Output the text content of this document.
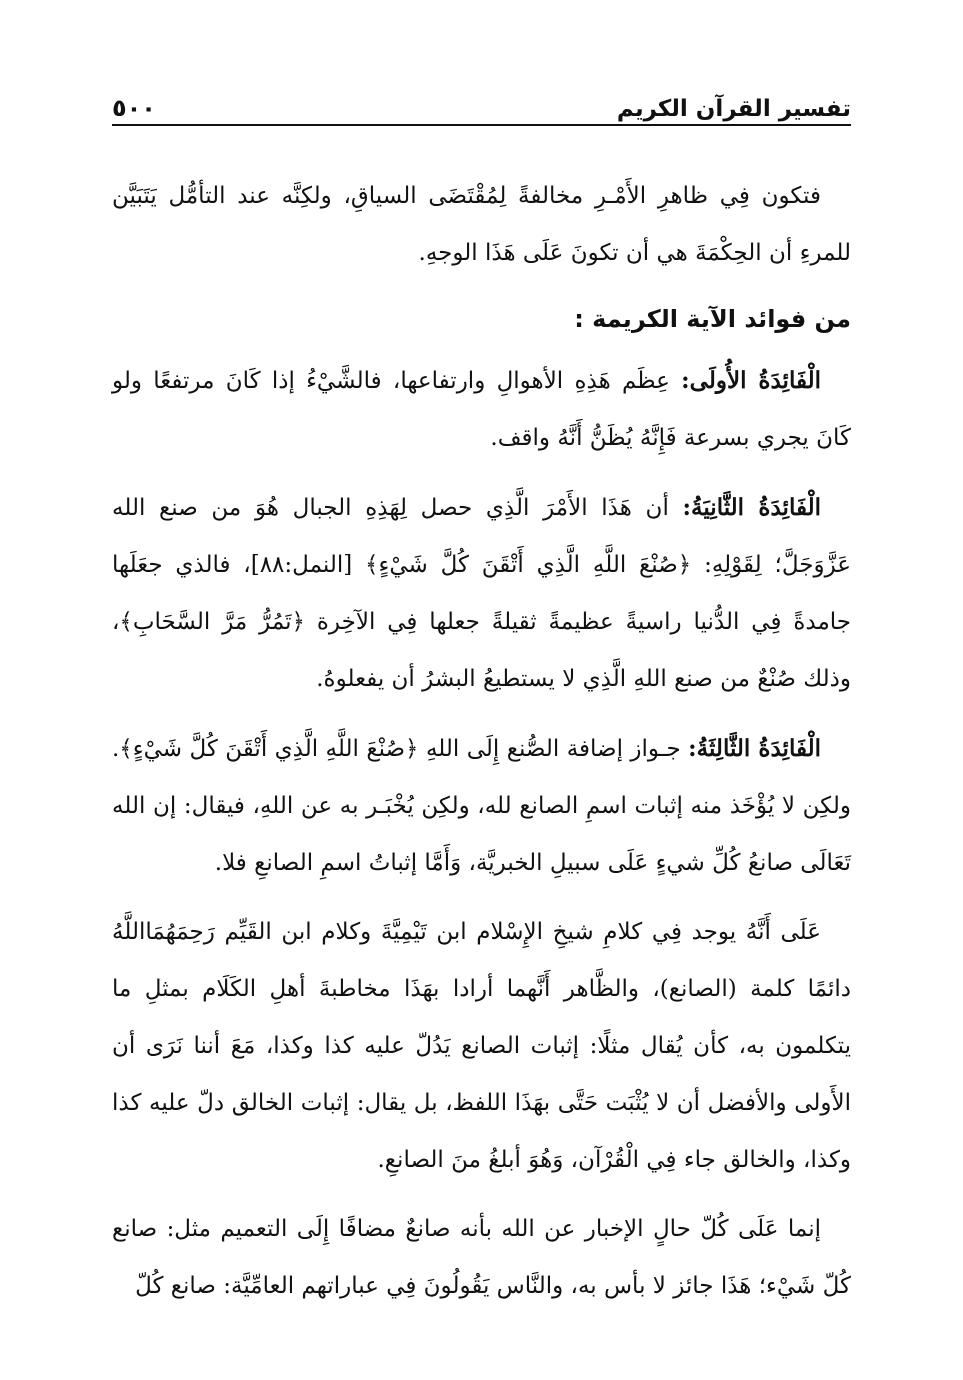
تفسير القرآن الكريم
٥٠٠

فتكون فِي ظاهرِ الأَمْـرِ مخالفةً لِمُقْتَضَى السياقِ، ولكِنَّه عند التأمُّل يَتَبَيَّن للمرءِ أن الحِكْمَةَ هي أن تكونَ عَلَى هَذَا الوجهِ.

من فوائد الآية الكريمة :

الْفَائِدَةُ الأُولَى: عِظَم هَذِهِ الأهوالِ وارتفاعها، فالشَّيْءُ إذا كَانَ مرتفعًا ولو كَانَ يجري بسرعة فَإِنَّهُ يُظَنُّ أَنَّهُ واقف.

الْفَائِدَةُ الثَّانِيَةُ: أن هَذَا الأَمْرَ الَّذِي حصل لِهَذِهِ الجبال هُوَ من صنع الله عَزَّوَجَلَّ؛ لِقَوْلِهِ: ﴿صُنْعَ اللَّهِ الَّذِي أَتْقَنَ كُلَّ شَيْءٍ﴾ [النمل:٨٨]، فالذي جعَلَها جامدةً فِي الدُّنيا راسيةً عظيمةً ثقيلةً جعلها فِي الآخِرة ﴿تَمُرُّ مَرَّ السَّحَابِ﴾، وذلك صُنْعٌ من صنع اللهِ الَّذِي لا يستطيعُ البشرُ أن يفعلوهُ.

الْفَائِدَةُ الثَّالِثَةُ: جـواز إضافة الصُّنع إِلَى اللهِ ﴿صُنْعَ اللَّهِ الَّذِي أَتْقَنَ كُلَّ شَيْءٍ﴾. ولكِن لا يُؤْخَذ منه إثبات اسمِ الصانع لله، ولكِن يُخْبَـر به عن اللهِ، فيقال: إن الله تَعَالَى صانعُ كُلِّ شيءٍ عَلَى سبيلِ الخبريَّة، وَأَمَّا إثباتُ اسمِ الصانعِ فلا.

عَلَى أَنَّهُ يوجد فِي كلامِ شيخِ الإِسْلام ابن تَيْمِيَّةَ وكلام ابن القَيِّم رَحِمَهُمَااللَّهُ دائمًا كلمة (الصانع)، والظَّاهر أَنَّهما أرادا بهَذَا مخاطبةَ أهلِ الكَلَام بمثلِ ما يتكلمون به، كأن يُقال مثلًا: إثبات الصانع يَدُلّ عليه كذا وكذا، مَعَ أننا نَرَى أن الأَولى والأفضل أن لا يُثْبَت حَتَّى بهَذَا اللفظ، بل يقال: إثبات الخالق دلّ عليه كذا وكذا، والخالق جاء فِي الْقُرْآن، وَهُوَ أبلغُ منَ الصانعِ.

إنما عَلَى كُلّ حالٍ الإخبار عن الله بأنه صانعٌ مضافًا إِلَى التعميم مثل: صانع كُلّ شَيْء؛ هَذَا جائز لا بأس به، والنَّاس يَقُولُونَ فِي عباراتهم العامِّيَّة: صانع كُلّ
